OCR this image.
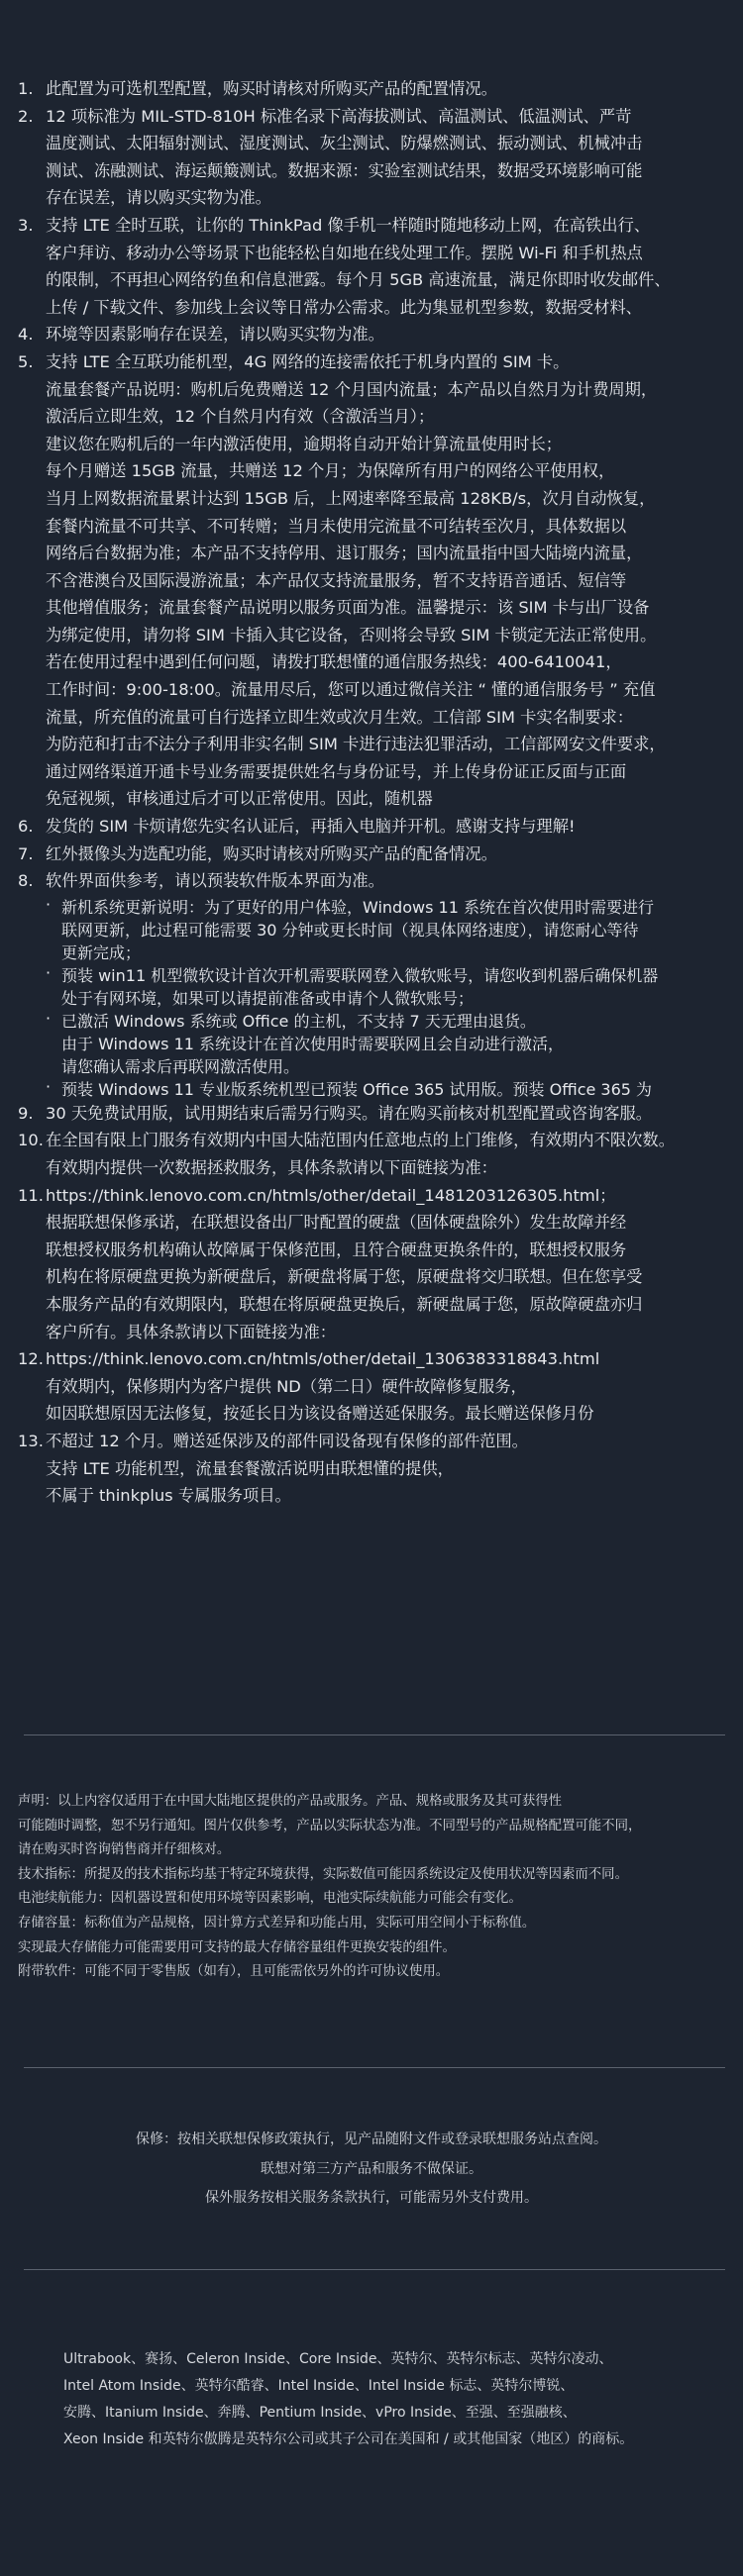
1. 此配置为可选机型配置，购买时请核对所购买产品的配置情况。

2. 12 项标准为 MIL-STD-810H 标准名录下高海拔测试、高温测试、低温测试、严苛

温度测试、太阳辐射测试、湿度测试、灰尘测试、防爆燃测试、振动测试、机械冲击

测试、冻融测试、海运颠簸测试。数据来源：实验室测试结果，数据受环境影响可能

存在误差，请以购买实物为准。

3. 支持 LTE 全时互联，让你的 ThinkPad 像手机一样随时随地移动上网，在高铁出行、

客户拜访、移动办公等场景下也能轻松自如地在线处理工作。摆脱 Wi-Fi 和手机热点

的限制，不再担心网络钓鱼和信息泄露。每个月 5GB 高速流量，满足你即时收发邮件、

上传 / 下载文件、参加线上会议等日常办公需求。此为集显机型参数，数据受材料、

4. 环境等因素影响存在误差，请以购买实物为准。

5. 支持 LTE 全互联功能机型，4G 网络的连接需依托于机身内置的 SIM 卡。

流量套餐产品说明：购机后免费赠送 12 个月国内流量；本产品以自然月为计费周期，

激活后立即生效，12 个自然月内有效（含激活当月）；

建议您在购机后的一年内激活使用，逾期将自动开始计算流量使用时长；

每个月赠送 15GB 流量，共赠送 12 个月；为保障所有用户的网络公平使用权，

当月上网数据流量累计达到 15GB 后，上网速率降至最高 128KB/s，次月自动恢复，

套餐内流量不可共享、不可转赠；当月未使用完流量不可结转至次月，具体数据以

网络后台数据为准；本产品不支持停用、退订服务；国内流量指中国大陆境内流量，

不含港澳台及国际漫游流量；本产品仅支持流量服务，暂不支持语音通话、短信等

其他增值服务；流量套餐产品说明以服务页面为准。温馨提示：该 SIM 卡与出厂设备

为绑定使用，请勿将 SIM 卡插入其它设备，否则将会导致 SIM 卡锁定无法正常使用。

若在使用过程中遇到任何问题，请拨打联想懂的通信服务热线：400-6410041，

工作时间：9:00-18:00。流量用尽后，您可以通过微信关注 “ 懂的通信服务号 ” 充值

流量，所充值的流量可自行选择立即生效或次月生效。工信部 SIM 卡实名制要求：

为防范和打击不法分子利用非实名制 SIM 卡进行违法犯罪活动，工信部网安文件要求，

通过网络渠道开通卡号业务需要提供姓名与身份证号，并上传身份证正反面与正面

免冠视频，审核通过后才可以正常使用。因此，随机器

6. 发货的 SIM 卡烦请您先实名认证后，再插入电脑并开机。感谢支持与理解!

7. 红外摄像头为选配功能，购买时请核对所购买产品的配备情况。

8. 软件界面供参考，请以预装软件版本界面为准。

· 新机系统更新说明：为了更好的用户体验，Windows 11 系统在首次使用时需要进行

联网更新，此过程可能需要 30 分钟或更长时间（视具体网络速度），请您耐心等待

更新完成；

· 预装 win11 机型微软设计首次开机需要联网登入微软账号，请您收到机器后确保机器

处于有网环境，如果可以请提前准备或申请个人微软账号；

· 已激活 Windows 系统或 Office 的主机，不支持 7 天无理由退货。

由于 Windows 11 系统设计在首次使用时需要联网且会自动进行激活，

请您确认需求后再联网激活使用。

· 预装 Windows 11 专业版系统机型已预装 Office 365 试用版。预装 Office 365 为

9. 30 天免费试用版，试用期结束后需另行购买。请在购买前核对机型配置或咨询客服。

10. 在全国有限上门服务有效期内中国大陆范围内任意地点的上门维修，有效期内不限次数。

有效期内提供一次数据拯救服务，具体条款请以下面链接为准：

11. https://think.lenovo.com.cn/htmls/other/detail_1481203126305.html；

根据联想保修承诺，在联想设备出厂时配置的硬盘（固体硬盘除外）发生故障并经

联想授权服务机构确认故障属于保修范围，且符合硬盘更换条件的，联想授权服务

机构在将原硬盘更换为新硬盘后，新硬盘将属于您，原硬盘将交归联想。但在您享受

本服务产品的有效期限内，联想在将原硬盘更换后，新硬盘属于您，原故障硬盘亦归

客户所有。具体条款请以下面链接为准：

12. https://think.lenovo.com.cn/htmls/other/detail_1306383318843.html

有效期内，保修期内为客户提供 ND（第二日）硬件故障修复服务，

如因联想原因无法修复，按延长日为该设备赠送延保服务。最长赠送保修月份

13. 不超过 12 个月。赠送延保涉及的部件同设备现有保修的部件范围。

支持 LTE 功能机型，流量套餐激活说明由联想懂的提供，

不属于 thinkplus 专属服务项目。

声明：以上内容仅适用于在中国大陆地区提供的产品或服务。产品、规格或服务及其可获得性

可能随时调整，恕不另行通知。图片仅供参考，产品以实际状态为准。不同型号的产品规格配置可能不同，

请在购买时咨询销售商并仔细核对。

技术指标：所提及的技术指标均基于特定环境获得，实际数值可能因系统设定及使用状况等因素而不同。

电池续航能力：因机器设置和使用环境等因素影响，电池实际续航能力可能会有变化。

存储容量：标称值为产品规格，因计算方式差异和功能占用，实际可用空间小于标称值。

实现最大存储能力可能需要用可支持的最大存储容量组件更换安装的组件。

附带软件：可能不同于零售版（如有），且可能需依另外的许可协议使用。

保修：按相关联想保修政策执行，见产品随附文件或登录联想服务站点查阅。

联想对第三方产品和服务不做保证。

保外服务按相关服务条款执行，可能需另外支付费用。

Ultrabook、赛扬、Celeron Inside、Core Inside、英特尔、英特尔标志、英特尔凌动、

Intel Atom Inside、英特尔酷睿、Intel Inside、Intel Inside 标志、英特尔博锐、

安腾、Itanium Inside、奔腾、Pentium Inside、vPro Inside、至强、至强融核、

Xeon Inside 和英特尔傲腾是英特尔公司或其子公司在美国和 / 或其他国家（地区）的商标。
